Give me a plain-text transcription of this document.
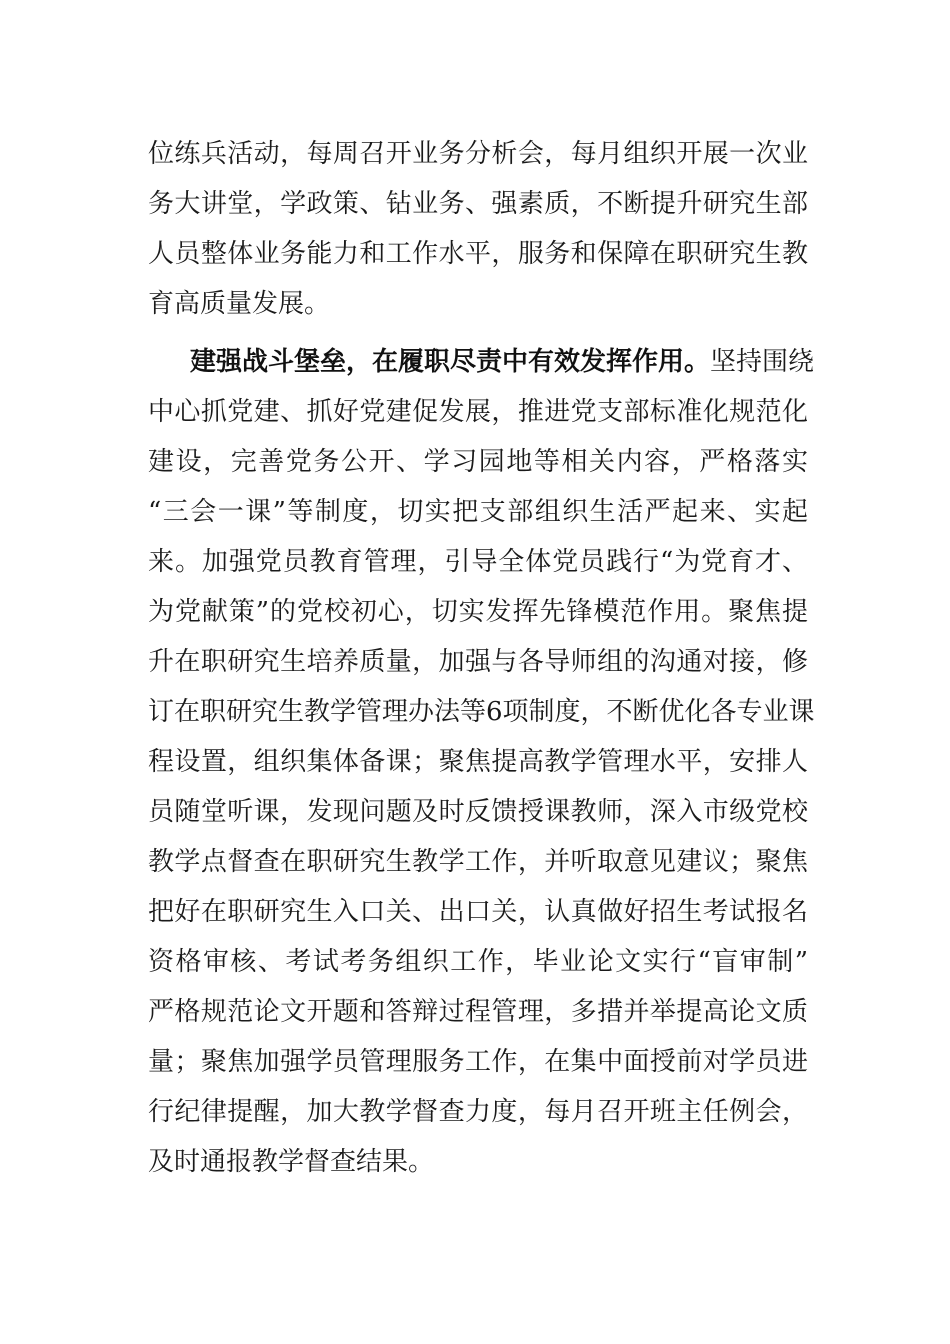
位练兵活动，每周召开业务分析会，每月组织开展一次业
务大讲堂，学政策、钻业务、强素质，不断提升研究生部
人员整体业务能力和工作水平，服务和保障在职研究生教
育高质量发展。
建强战斗堡垒，在履职尽责中有效发挥作用。坚持围绕
中心抓党建、抓好党建促发展，推进党支部标准化规范化
建设，完善党务公开、学习园地等相关内容，严格落实
“三会一课”等制度，切实把支部组织生活严起来、实起
来。加强党员教育管理，引导全体党员践行“为党育才、
为党献策”的党校初心，切实发挥先锋模范作用。聚焦提
升在职研究生培养质量，加强与各导师组的沟通对接，修
订在职研究生教学管理办法等6项制度，不断优化各专业课
程设置，组织集体备课；聚焦提高教学管理水平，安排人
员随堂听课，发现问题及时反馈授课教师，深入市级党校
教学点督查在职研究生教学工作，并听取意见建议；聚焦
把好在职研究生入口关、出口关，认真做好招生考试报名
资格审核、考试考务组织工作，毕业论文实行“盲审制”
严格规范论文开题和答辩过程管理，多措并举提高论文质
量；聚焦加强学员管理服务工作，在集中面授前对学员进
行纪律提醒，加大教学督查力度，每月召开班主任例会，
及时通报教学督查结果。
